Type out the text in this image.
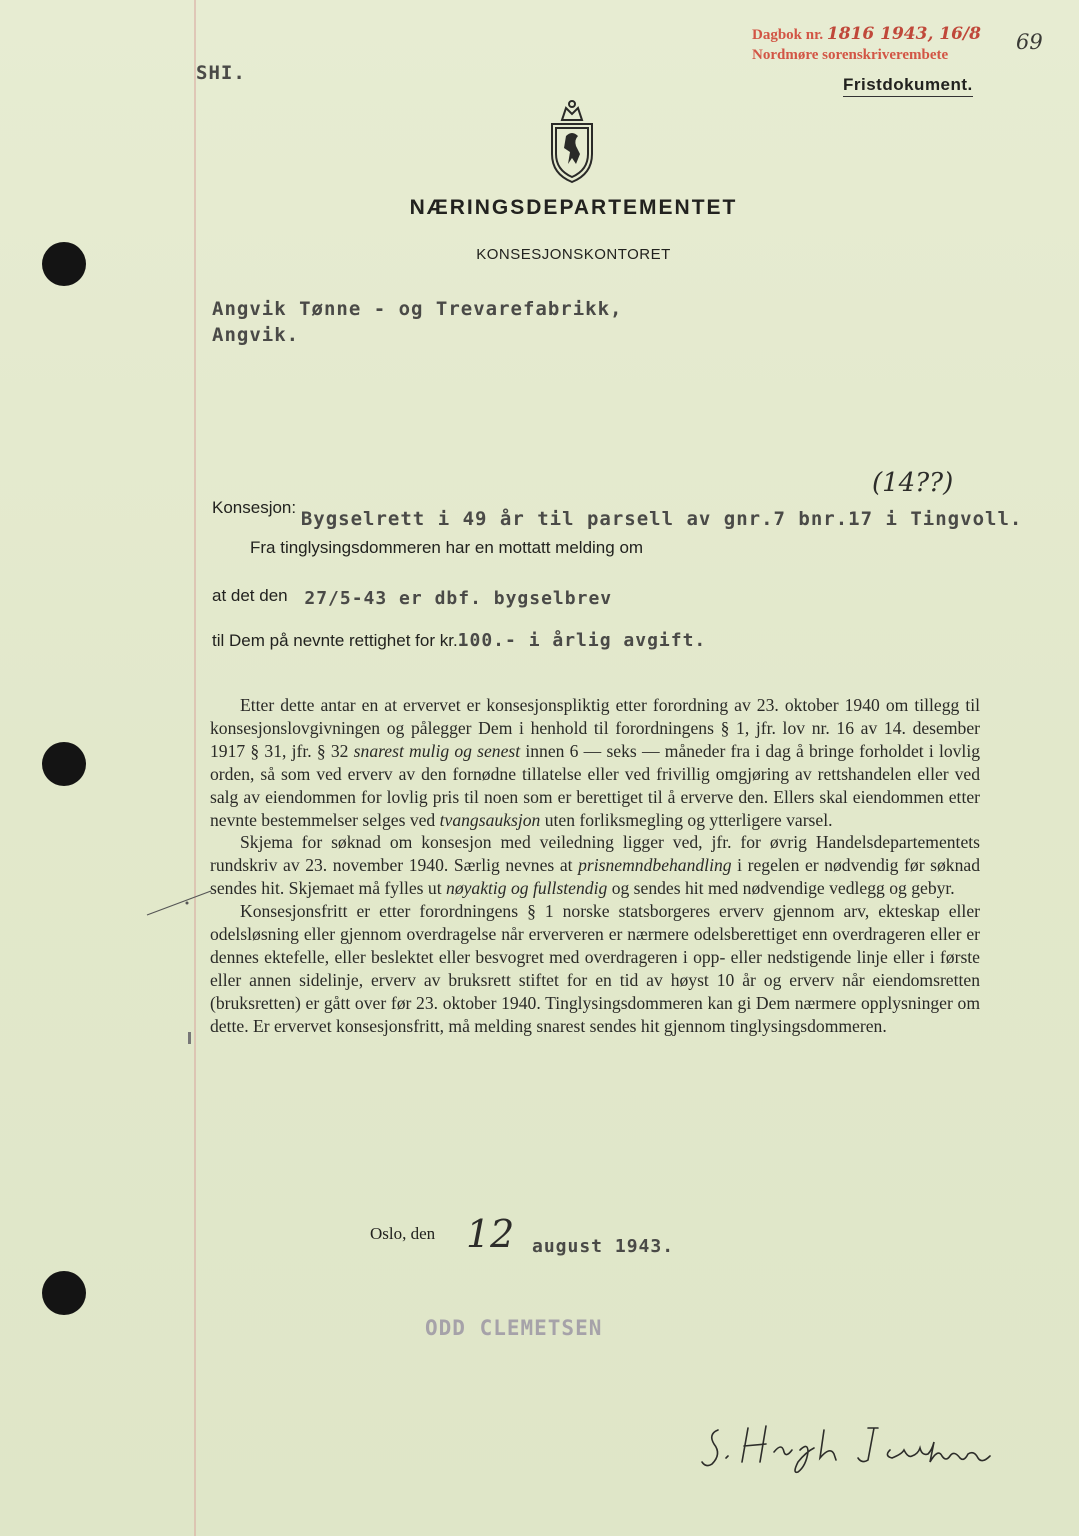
Dagbok nr. 1816 1943, 16/8
Nordmøre sorenskriverembete
69
Fristdokument.
SHI.
NÆRINGSDEPARTEMENTET
KONSESJONSKONTORET
Angvik Tønne - og Trevarefabrikk,
Angvik.
(14??)
Konsesjon: Bygselrett i 49 år til parsell av gnr.7 bnr.17 i Tingvoll.
Fra tinglysingsdommeren har en mottatt melding om
at det den 27/5-43 er dbf. bygselbrev
til Dem på nevnte rettighet for kr.100.- i årlig avgift.

Etter dette antar en at ervervet er konsesjonspliktig etter forordning av 23. oktober 1940 om tillegg til konsesjonslovgivningen og pålegger Dem i henhold til forordningens § 1, jfr. lov nr. 16 av 14. desember 1917 § 31, jfr. § 32 snarest mulig og senest innen 6 — seks — måneder fra i dag å bringe forholdet i lovlig orden, så som ved erverv av den fornødne tillatelse eller ved frivillig omgjøring av rettshandelen eller ved salg av eiendommen for lovlig pris til noen som er berettiget til å erverve den. Ellers skal eiendommen etter nevnte bestemmelser selges ved tvangsauksjon uten forliksmegling og ytterligere varsel.

Skjema for søknad om konsesjon med veiledning ligger ved, jfr. for øvrig Handelsdepartementets rundskriv av 23. november 1940. Særlig nevnes at prisnemndbehandling i regelen er nødvendig før søknad sendes hit. Skjemaet må fylles ut nøyaktig og fullstendig og sendes hit med nødvendige vedlegg og gebyr.

Konsesjonsfritt er etter forordningens § 1 norske statsborgeres erverv gjennom arv, ekteskap eller odelsløsning eller gjennom overdragelse når erververen er nærmere odelsberettiget enn overdrageren eller er dennes ektefelle, eller beslektet eller besvogret med overdrageren i opp- eller nedstigende linje eller i første eller annen sidelinje, erverv av bruksrett stiftet for en tid av høyst 10 år og erverv når eiendomsretten (bruksretten) er gått over før 23. oktober 1940. Tinglysingsdommeren kan gi Dem nærmere opplysninger om dette. Er ervervet konsesjonsfritt, må melding snarest sendes hit gjennom tinglysingsdommeren.

Oslo, den 12 august 1943.
ODD CLEMETSEN
